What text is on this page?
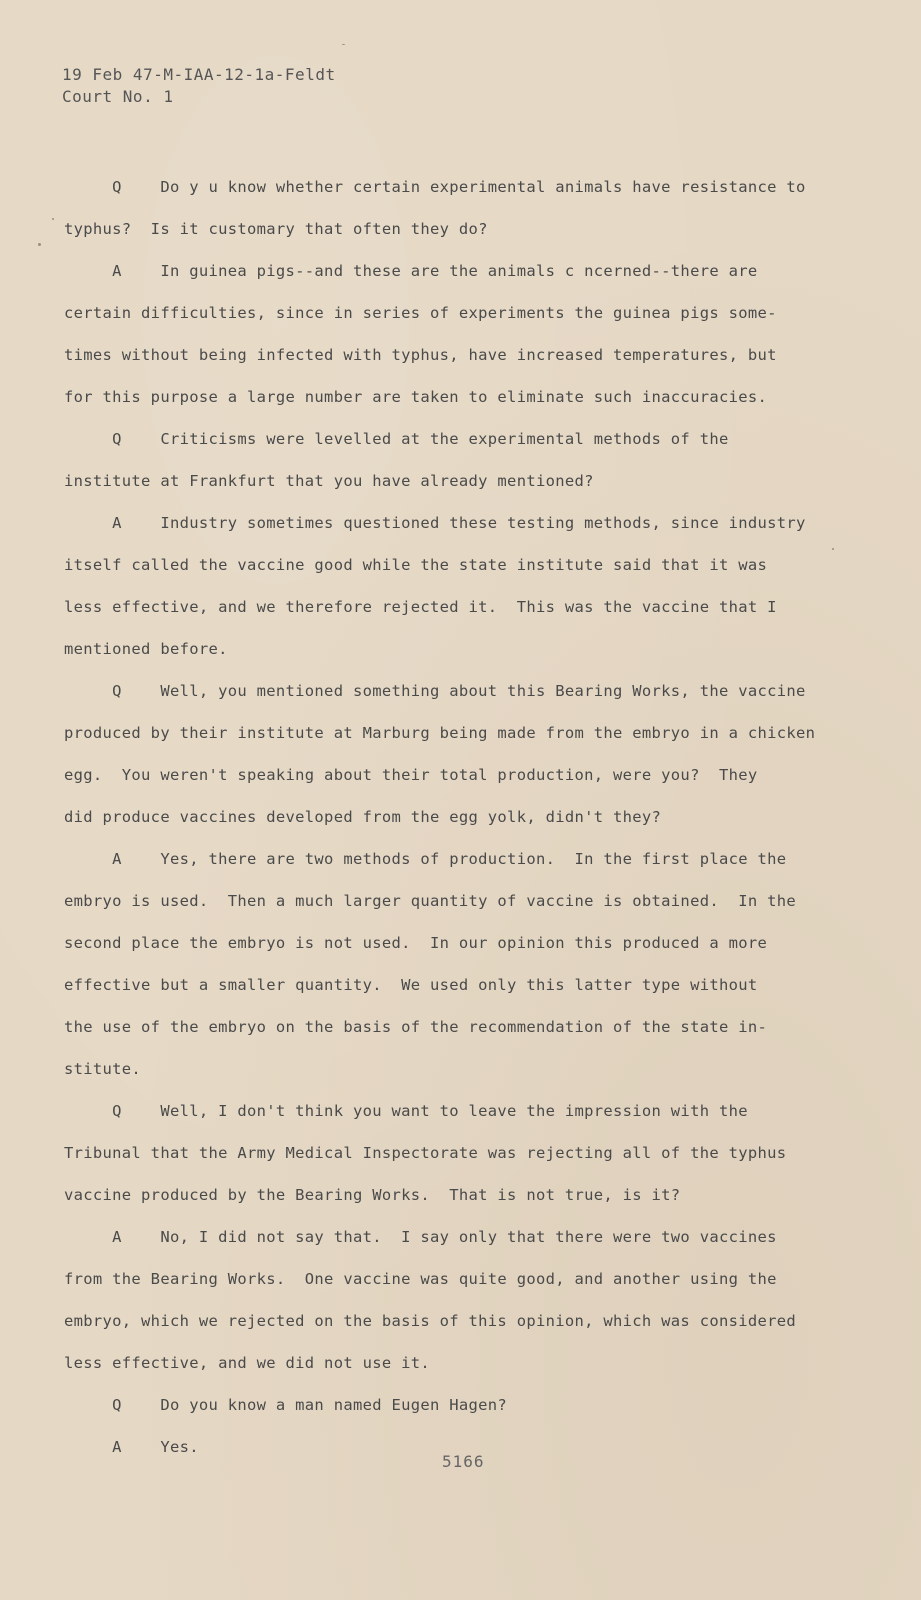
19 Feb 47-M-IAA-12-1a-Feldt
Court No. 1
Q    Do y u know whether certain experimental animals have resistance to
typhus?  Is it customary that often they do?
A    In guinea pigs--and these are the animals c ncerned--there are
certain difficulties, since in series of experiments the guinea pigs some-
times without being infected with typhus, have increased temperatures, but
for this purpose a large number are taken to eliminate such inaccuracies.
Q    Criticisms were levelled at the experimental methods of the
institute at Frankfurt that you have already mentioned?
A    Industry sometimes questioned these testing methods, since industry
itself called the vaccine good while the state institute said that it was
less effective, and we therefore rejected it.  This was the vaccine that I
mentioned before.
Q    Well, you mentioned something about this Bearing Works, the vaccine
produced by their institute at Marburg being made from the embryo in a chicken
egg.  You weren't speaking about their total production, were you?  They
did produce vaccines developed from the egg yolk, didn't they?
A    Yes, there are two methods of production.  In the first place the
embryo is used.  Then a much larger quantity of vaccine is obtained.  In the
second place the embryo is not used.  In our opinion this produced a more
effective but a smaller quantity.  We used only this latter type without
the use of the embryo on the basis of the recommendation of the state in-
stitute.
Q    Well, I don't think you want to leave the impression with the
Tribunal that the Army Medical Inspectorate was rejecting all of the typhus
vaccine produced by the Bearing Works.  That is not true, is it?
A    No, I did not say that.  I say only that there were two vaccines
from the Bearing Works.  One vaccine was quite good, and another using the
embryo, which we rejected on the basis of this opinion, which was considered
less effective, and we did not use it.
Q    Do you know a man named Eugen Hagen?
A    Yes.
5166
